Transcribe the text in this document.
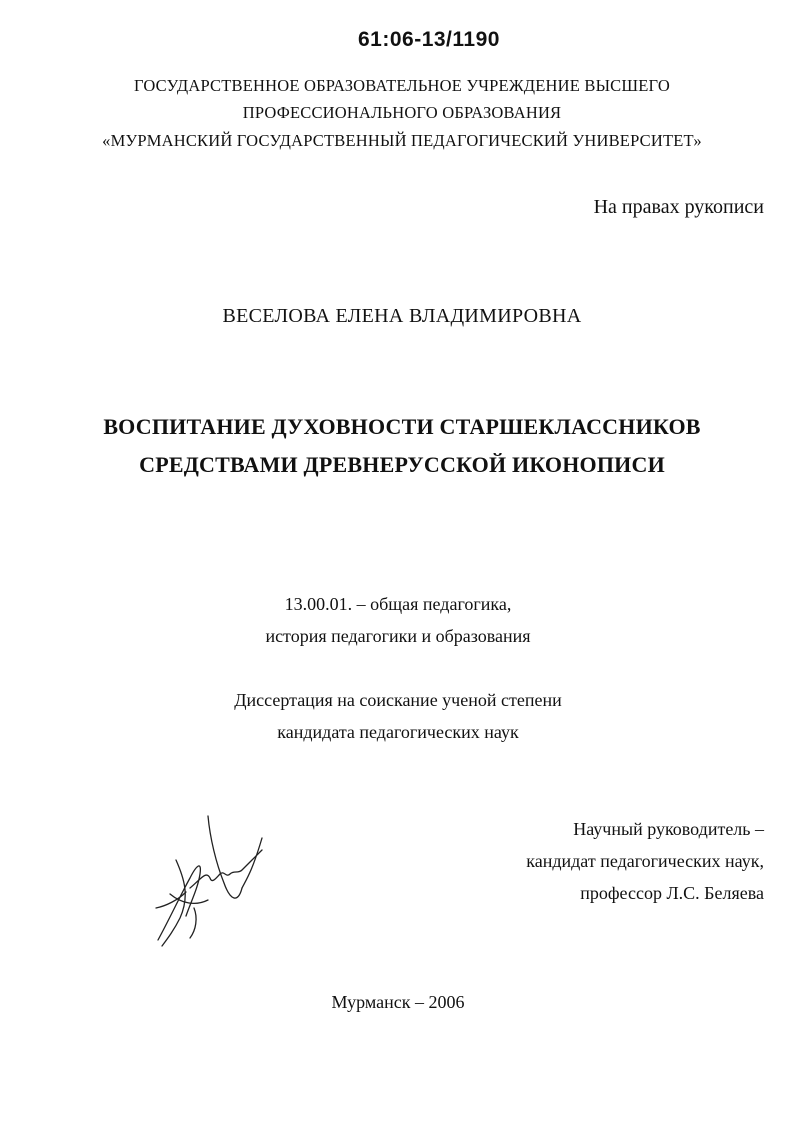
61:06-13/1190
ГОСУДАРСТВЕННОЕ ОБРАЗОВАТЕЛЬНОЕ УЧРЕЖДЕНИЕ ВЫСШЕГО
ПРОФЕССИОНАЛЬНОГО ОБРАЗОВАНИЯ
«МУРМАНСКИЙ ГОСУДАРСТВЕННЫЙ ПЕДАГОГИЧЕСКИЙ УНИВЕРСИТЕТ»
На правах рукописи
ВЕСЕЛОВА ЕЛЕНА ВЛАДИМИРОВНА
ВОСПИТАНИЕ ДУХОВНОСТИ СТАРШЕКЛАССНИКОВ
СРЕДСТВАМИ ДРЕВНЕРУССКОЙ ИКОНОПИСИ
13.00.01. – общая педагогика,
история педагогики и образования
Диссертация на соискание ученой степени
кандидата педагогических наук
Научный руководитель –
кандидат педагогических наук,
профессор Л.С. Беляева
Мурманск – 2006
